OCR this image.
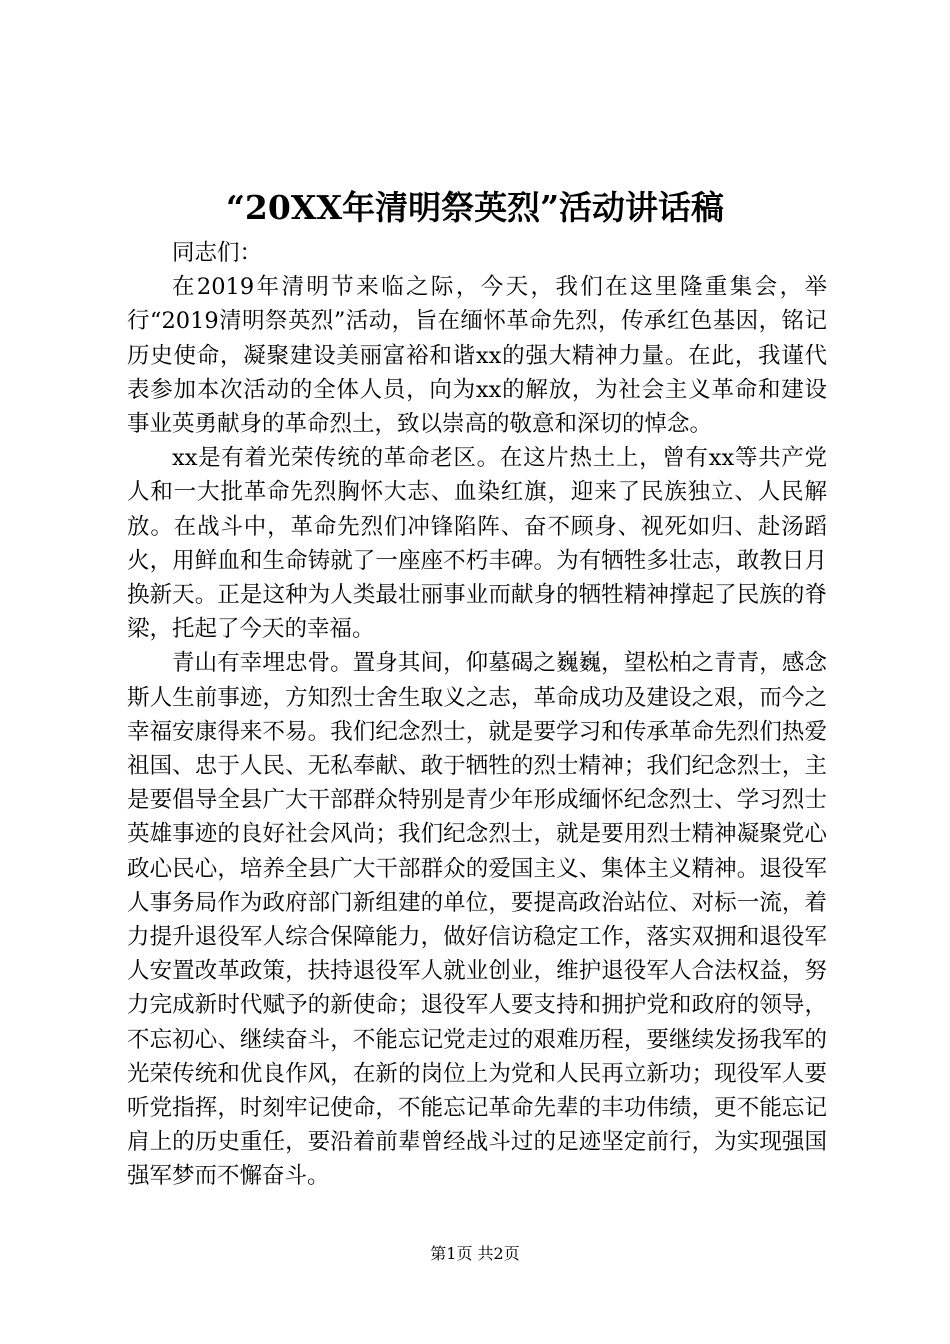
“20XX年清明祭英烈”活动讲话稿

同志们：

在2019年清明节来临之际，今天，我们在这里隆重集会，举行“2019清明祭英烈”活动，旨在缅怀革命先烈，传承红色基因，铭记历史使命，凝聚建设美丽富裕和谐xx的强大精神力量。在此，我谨代表参加本次活动的全体人员，向为xx的解放，为社会主义革命和建设事业英勇献身的革命烈土，致以崇高的敬意和深切的悼念。

xx是有着光荣传统的革命老区。在这片热土上，曾有xx等共产党人和一大批革命先烈胸怀大志、血染红旗，迎来了民族独立、人民解放。在战斗中，革命先烈们冲锋陷阵、奋不顾身、视死如归、赴汤蹈火，用鲜血和生命铸就了一座座不朽丰碑。为有牺牲多壮志，敢教日月换新天。正是这种为人类最壮丽事业而献身的牺牲精神撑起了民族的脊梁，托起了今天的幸福。

青山有幸埋忠骨。置身其间，仰墓碣之巍巍，望松柏之青青，感念斯人生前事迹，方知烈士舍生取义之志，革命成功及建设之艰，而今之幸福安康得来不易。我们纪念烈士，就是要学习和传承革命先烈们热爱祖国、忠于人民、无私奉献、敢于牺牲的烈士精神；我们纪念烈士，主是要倡导全县广大干部群众特别是青少年形成缅怀纪念烈士、学习烈士英雄事迹的良好社会风尚；我们纪念烈士，就是要用烈士精神凝聚党心政心民心，培养全县广大干部群众的爱国主义、集体主义精神。退役军人事务局作为政府部门新组建的单位，要提高政治站位、对标一流，着力提升退役军人综合保障能力，做好信访稳定工作，落实双拥和退役军人安置改革政策，扶持退役军人就业创业，维护退役军人合法权益，努力完成新时代赋予的新使命；退役军人要支持和拥护党和政府的领导，不忘初心、继续奋斗，不能忘记党走过的艰难历程，要继续发扬我军的光荣传统和优良作风，在新的岗位上为党和人民再立新功；现役军人要听党指挥，时刻牢记使命，不能忘记革命先辈的丰功伟绩，更不能忘记肩上的历史重任，要沿着前辈曾经战斗过的足迹坚定前行，为实现强国强军梦而不懈奋斗。

第1页 共2页
